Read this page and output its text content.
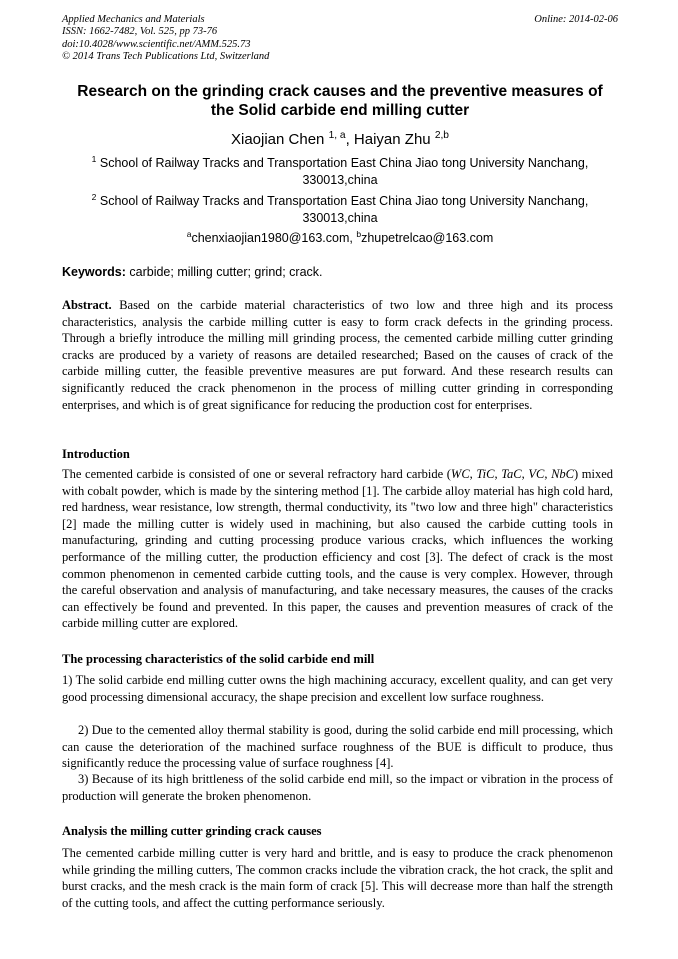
Applied Mechanics and Materials
ISSN: 1662-7482, Vol. 525, pp 73-76
doi:10.4028/www.scientific.net/AMM.525.73
© 2014 Trans Tech Publications Ltd, Switzerland
Online: 2014-02-06
Research on the grinding crack causes and the preventive measures of
the Solid carbide end milling cutter
Xiaojian Chen $^{1, a}$, Haiyan Zhu $^{2,b}$
$^1$ School of Railway Tracks and Transportation East China Jiao tong University Nanchang,
330013,china
$^2$ School of Railway Tracks and Transportation East China Jiao tong University Nanchang,
330013,china
$^a$chenxiaojian1980@163.com, $^b$zhupetrelcao@163.com
Keywords: carbide; milling cutter; grind; crack.
Abstract. Based on the carbide material characteristics of two low and three high and its process characteristics, analysis the carbide milling cutter is easy to form crack defects in the grinding process. Through a briefly introduce the milling mill grinding process, the cemented carbide milling cutter grinding cracks are produced by a variety of reasons are detailed researched; Based on the causes of crack of the carbide milling cutter, the feasible preventive measures are put forward. And these research results can significantly reduced the crack phenomenon in the process of milling cutter grinding in corresponding enterprises, and which is of great significance for reducing the production cost for enterprises.
Introduction
The cemented carbide is consisted of one or several refractory hard carbide (WC, TiC, TaC, VC, NbC) mixed with cobalt powder, which is made by the sintering method [1]. The carbide alloy material has high cold hard, red hardness, wear resistance, low strength, thermal conductivity, its "two low and three high" characteristics [2] made the milling cutter is widely used in machining, but also caused the carbide cutting tools in manufacturing, grinding and cutting processing produce various cracks, which influences the working performance of the milling cutter, the production efficiency and cost [3]. The defect of crack is the most common phenomenon in cemented carbide cutting tools, and the cause is very complex. However, through the careful observation and analysis of manufacturing, and take necessary measures, the causes of the cracks can effectively be found and prevented. In this paper, the causes and prevention measures of crack of the carbide milling cutter are explored.
The processing characteristics of the solid carbide end mill
1) The solid carbide end milling cutter owns the high machining accuracy, excellent quality, and can get very good processing dimensional accuracy, the shape precision and excellent low surface roughness.
2) Due to the cemented alloy thermal stability is good, during the solid carbide end mill processing, which can cause the deterioration of the machined surface roughness of the BUE is difficult to produce, thus significantly reduce the processing value of surface roughness [4].
3) Because of its high brittleness of the solid carbide end mill, so the impact or vibration in the process of production will generate the broken phenomenon.
Analysis the milling cutter grinding crack causes
The cemented carbide milling cutter is very hard and brittle, and is easy to produce the crack phenomenon while grinding the milling cutters, The common cracks include the vibration crack, the hot crack, the split and burst cracks, and the mesh crack is the main form of crack [5]. This will decrease more than half the strength of the cutting tools, and affect the cutting performance seriously.
